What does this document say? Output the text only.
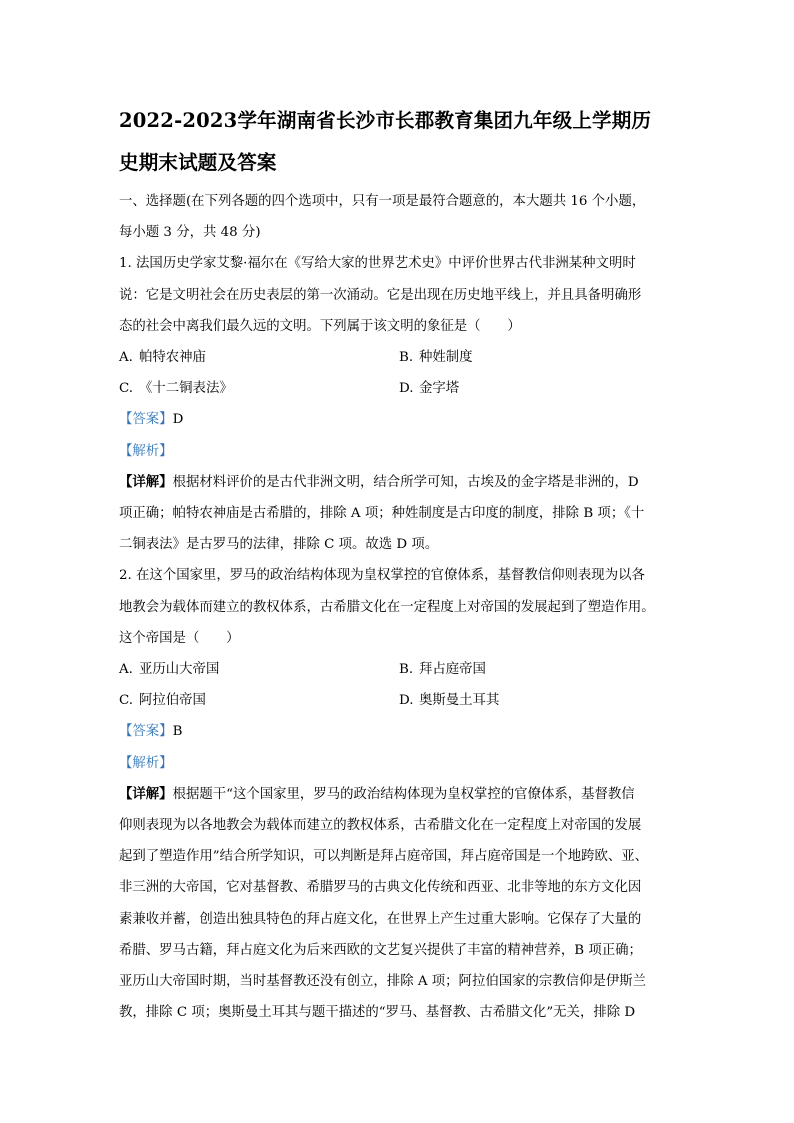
2022-2023学年湖南省长沙市长郡教育集团九年级上学期历
史期末试题及答案

一、选择题(在下列各题的四个选项中，只有一项是最符合题意的，本大题共 16 个小题，

每小题 3 分，共 48 分)

1. 法国历史学家艾黎·福尔在《写给大家的世界艺术史》中评价世界古代非洲某种文明时

说：它是文明社会在历史表层的第一次涌动。它是出现在历史地平线上，并且具备明确形

态的社会中离我们最久远的文明。下列属于该文明的象征是（　　）

A. 帕特农神庙	B. 种姓制度
C. 《十二铜表法》	D. 金字塔

【答案】D

【解析】

【详解】根据材料评价的是古代非洲文明，结合所学可知，古埃及的金字塔是非洲的，D

项正确；帕特农神庙是古希腊的，排除 A 项；种姓制度是古印度的制度，排除 B 项；《十

二铜表法》是古罗马的法律，排除 C 项。故选 D 项。

2. 在这个国家里，罗马的政治结构体现为皇权掌控的官僚体系，基督教信仰则表现为以各

地教会为载体而建立的教权体系，古希腊文化在一定程度上对帝国的发展起到了塑造作用。

这个帝国是（　　）

A. 亚历山大帝国	B. 拜占庭帝国
C. 阿拉伯帝国	D. 奥斯曼土耳其

【答案】B

【解析】

【详解】根据题干“这个国家里，罗马的政治结构体现为皇权掌控的官僚体系，基督教信

仰则表现为以各地教会为载体而建立的教权体系，古希腊文化在一定程度上对帝国的发展

起到了塑造作用”结合所学知识，可以判断是拜占庭帝国，拜占庭帝国是一个地跨欧、亚、

非三洲的大帝国，它对基督教、希腊罗马的古典文化传统和西亚、北非等地的东方文化因

素兼收并蓄，创造出独具特色的拜占庭文化，在世界上产生过重大影响。它保存了大量的

希腊、罗马古籍，拜占庭文化为后来西欧的文艺复兴提供了丰富的精神营养，B 项正确；

亚历山大帝国时期，当时基督教还没有创立，排除 A 项；阿拉伯国家的宗教信仰是伊斯兰

教，排除 C 项；奥斯曼土耳其与题干描述的“罗马、基督教、古希腊文化”无关，排除 D
